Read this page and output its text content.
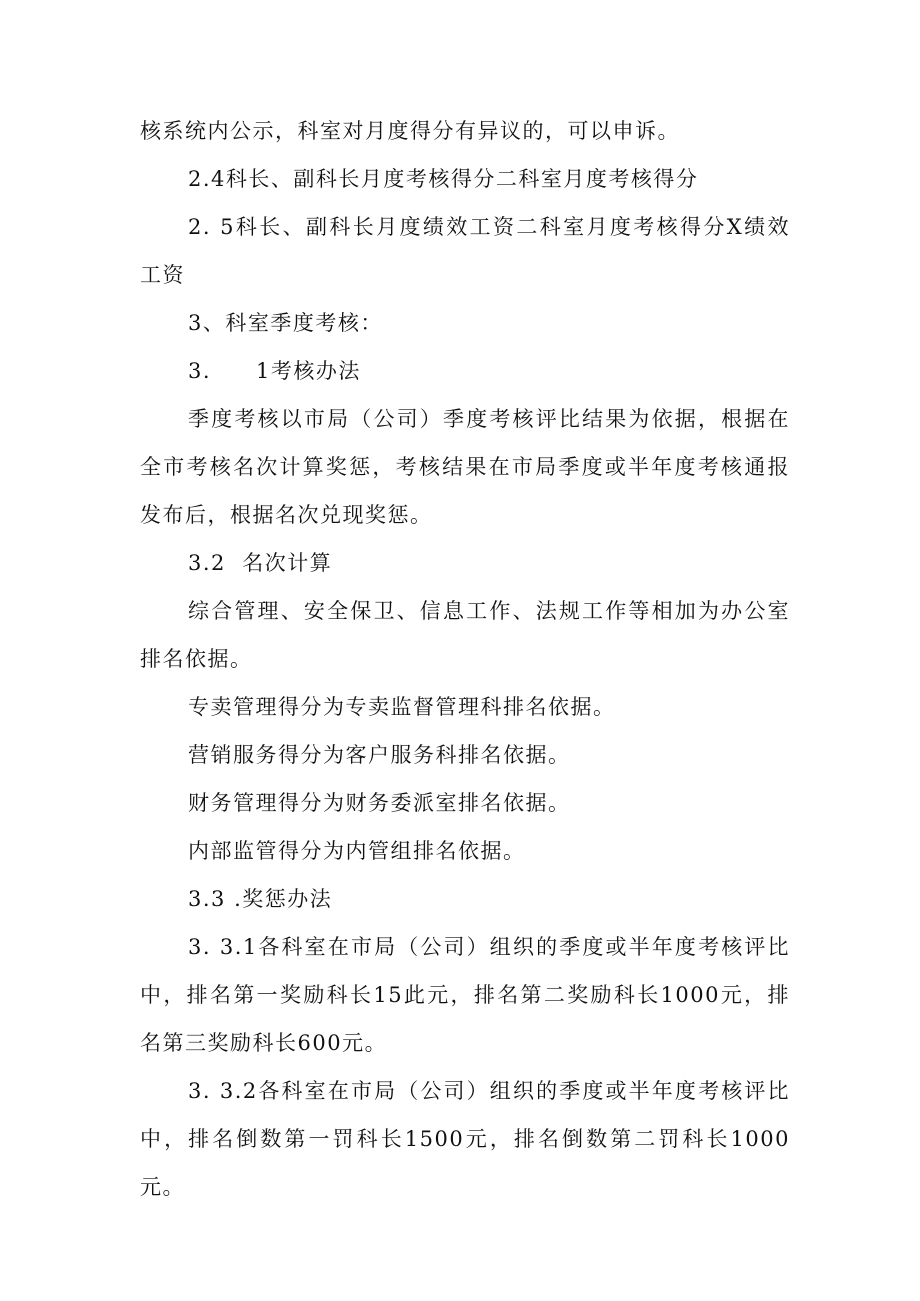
核系统内公示，科室对月度得分有异议的，可以申诉。

2.4科长、副科长月度考核得分二科室月度考核得分

2. 5科长、副科长月度绩效工资二科室月度考核得分X绩效工资

3、科室季度考核：

3.　　1考核办法

季度考核以市局（公司）季度考核评比结果为依据，根据在全市考核名次计算奖惩，考核结果在市局季度或半年度考核通报发布后，根据名次兑现奖惩。

3.2  名次计算

综合管理、安全保卫、信息工作、法规工作等相加为办公室排名依据。

专卖管理得分为专卖监督管理科排名依据。

营销服务得分为客户服务科排名依据。

财务管理得分为财务委派室排名依据。

内部监管得分为内管组排名依据。

3.3 .奖惩办法

3. 3.1各科室在市局（公司）组织的季度或半年度考核评比中，排名第一奖励科长15此元，排名第二奖励科长1000元，排名第三奖励科长600元。

3. 3.2各科室在市局（公司）组织的季度或半年度考核评比中，排名倒数第一罚科长1500元，排名倒数第二罚科长1000元。
